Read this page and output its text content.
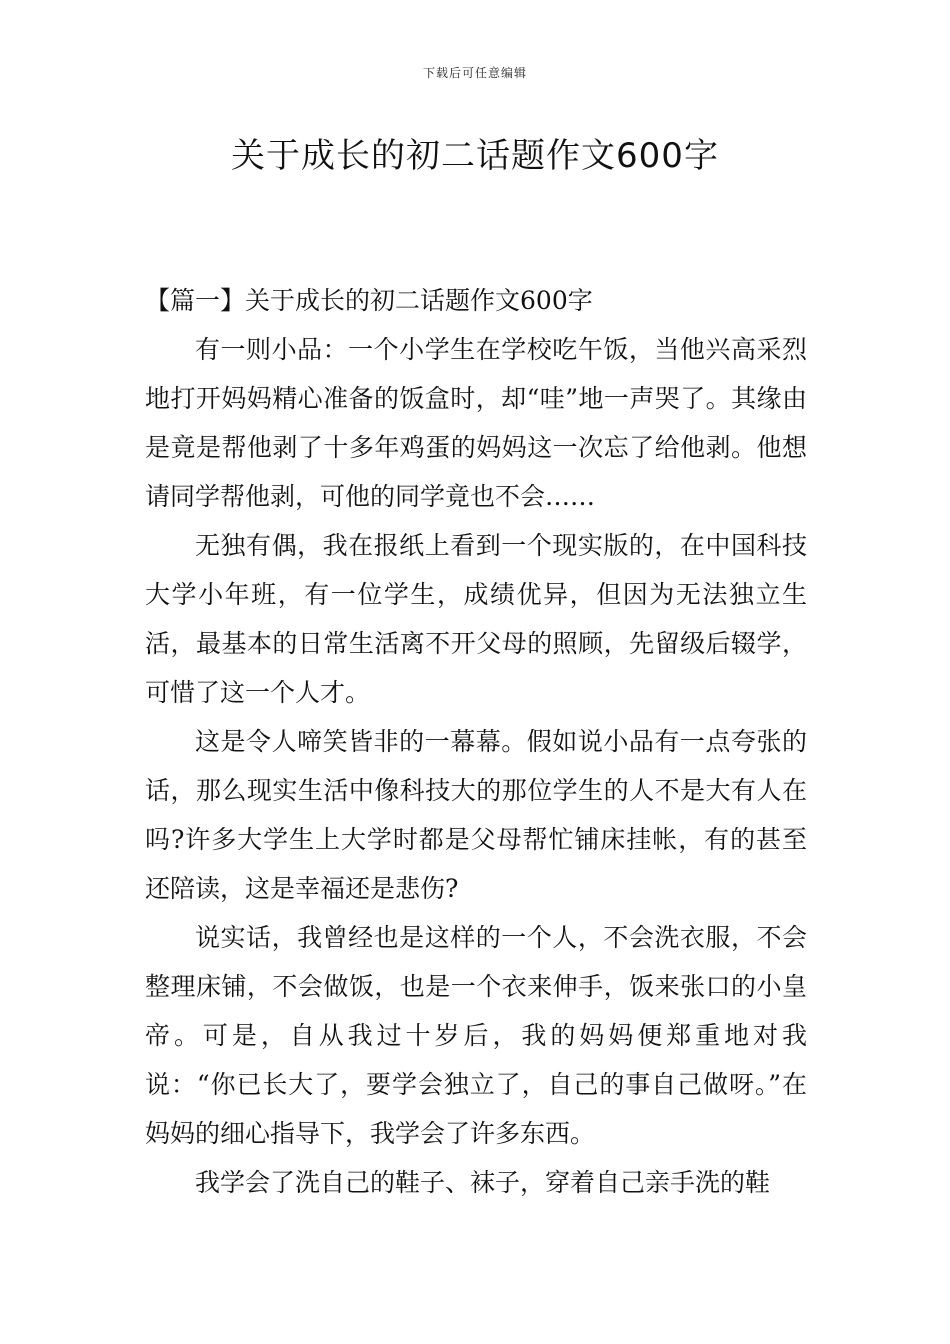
下载后可任意编辑
关于成长的初二话题作文600字

【篇一】关于成长的初二话题作文600字

有一则小品：一个小学生在学校吃午饭，当他兴高采烈地打开妈妈精心准备的饭盒时，却“哇”地一声哭了。其缘由是竟是帮他剥了十多年鸡蛋的妈妈这一次忘了给他剥。他想请同学帮他剥，可他的同学竟也不会……

无独有偶，我在报纸上看到一个现实版的，在中国科技大学小年班，有一位学生，成绩优异，但因为无法独立生活，最基本的日常生活离不开父母的照顾，先留级后辍学，可惜了这一个人才。

这是令人啼笑皆非的一幕幕。假如说小品有一点夸张的话，那么现实生活中像科技大的那位学生的人不是大有人在吗?许多大学生上大学时都是父母帮忙铺床挂帐，有的甚至还陪读，这是幸福还是悲伤?

说实话，我曾经也是这样的一个人，不会洗衣服，不会整理床铺，不会做饭，也是一个衣来伸手，饭来张口的小皇帝。可是，自从我过十岁后，我的妈妈便郑重地对我说：“你已长大了，要学会独立了，自己的事自己做呀。”在妈妈的细心指导下，我学会了许多东西。

我学会了洗自己的鞋子、袜子，穿着自己亲手洗的鞋
